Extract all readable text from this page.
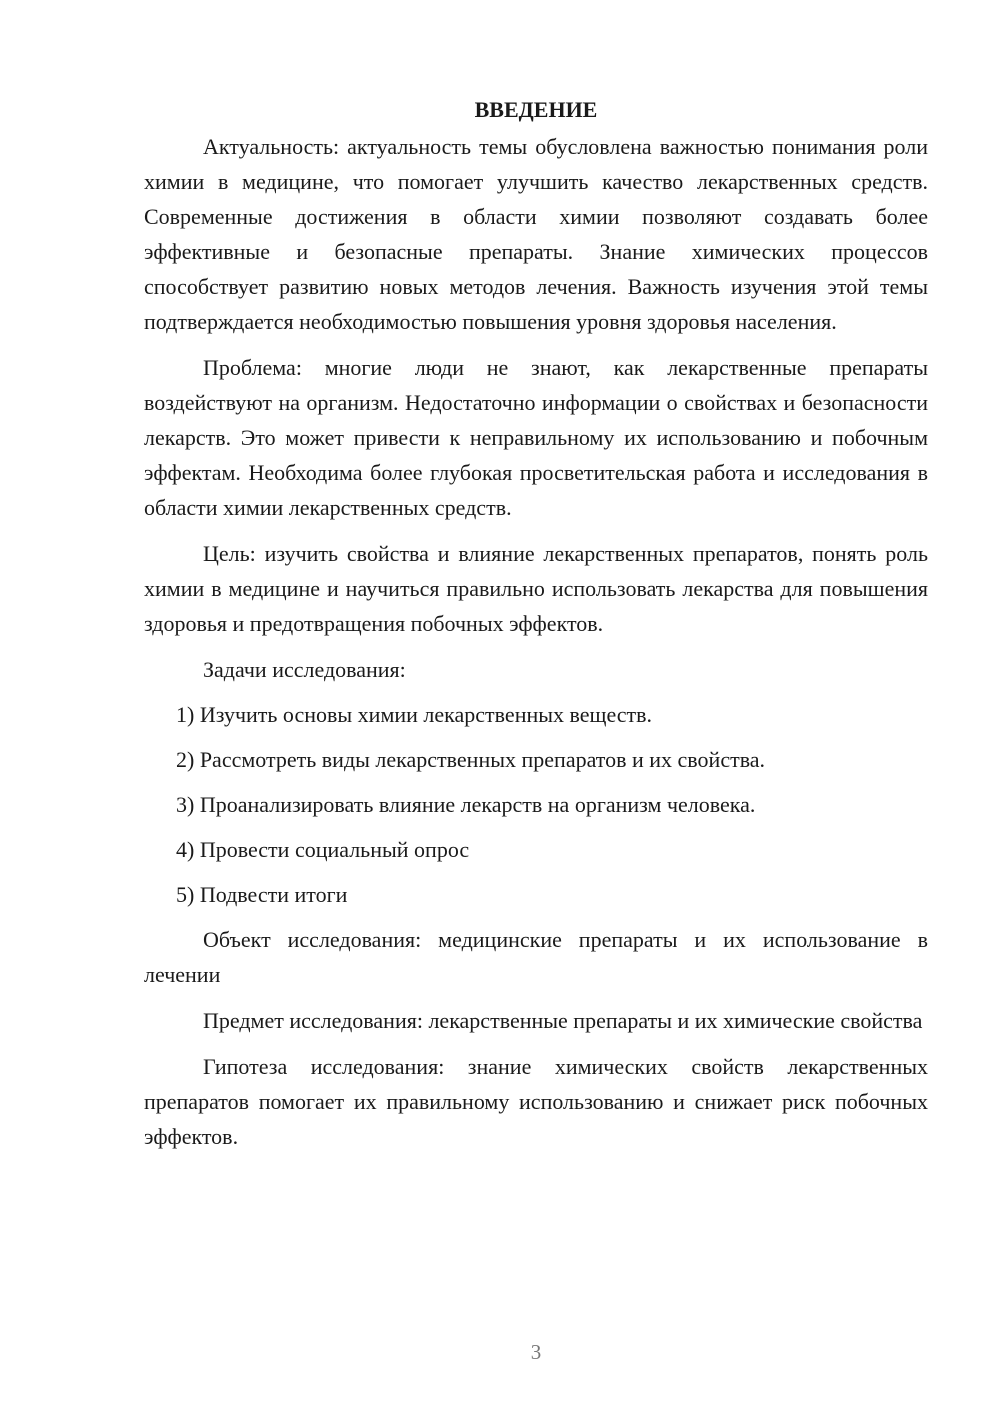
ВВЕДЕНИЕ

Актуальность: актуальность темы обусловлена важностью понимания роли химии в медицине, что помогает улучшить качество лекарственных средств. Современные достижения в области химии позволяют создавать более эффективные и безопасные препараты. Знание химических процессов способствует развитию новых методов лечения. Важность изучения этой темы подтверждается необходимостью повышения уровня здоровья населения.

Проблема: многие люди не знают, как лекарственные препараты воздействуют на организм. Недостаточно информации о свойствах и безопасности лекарств. Это может привести к неправильному их использованию и побочным эффектам. Необходима более глубокая просветительская работа и исследования в области химии лекарственных средств.

Цель: изучить свойства и влияние лекарственных препаратов, понять роль химии в медицине и научиться правильно использовать лекарства для повышения здоровья и предотвращения побочных эффектов.

Задачи исследования:

1) Изучить основы химии лекарственных веществ.
2) Рассмотреть виды лекарственных препаратов и их свойства.
3) Проанализировать влияние лекарств на организм человека.
4) Провести социальный опрос
5) Подвести итоги

Объект исследования: медицинские препараты и их использование в лечении

Предмет исследования: лекарственные препараты и их химические свойства

Гипотеза исследования: знание химических свойств лекарственных препаратов помогает их правильному использованию и снижает риск побочных эффектов.

3
